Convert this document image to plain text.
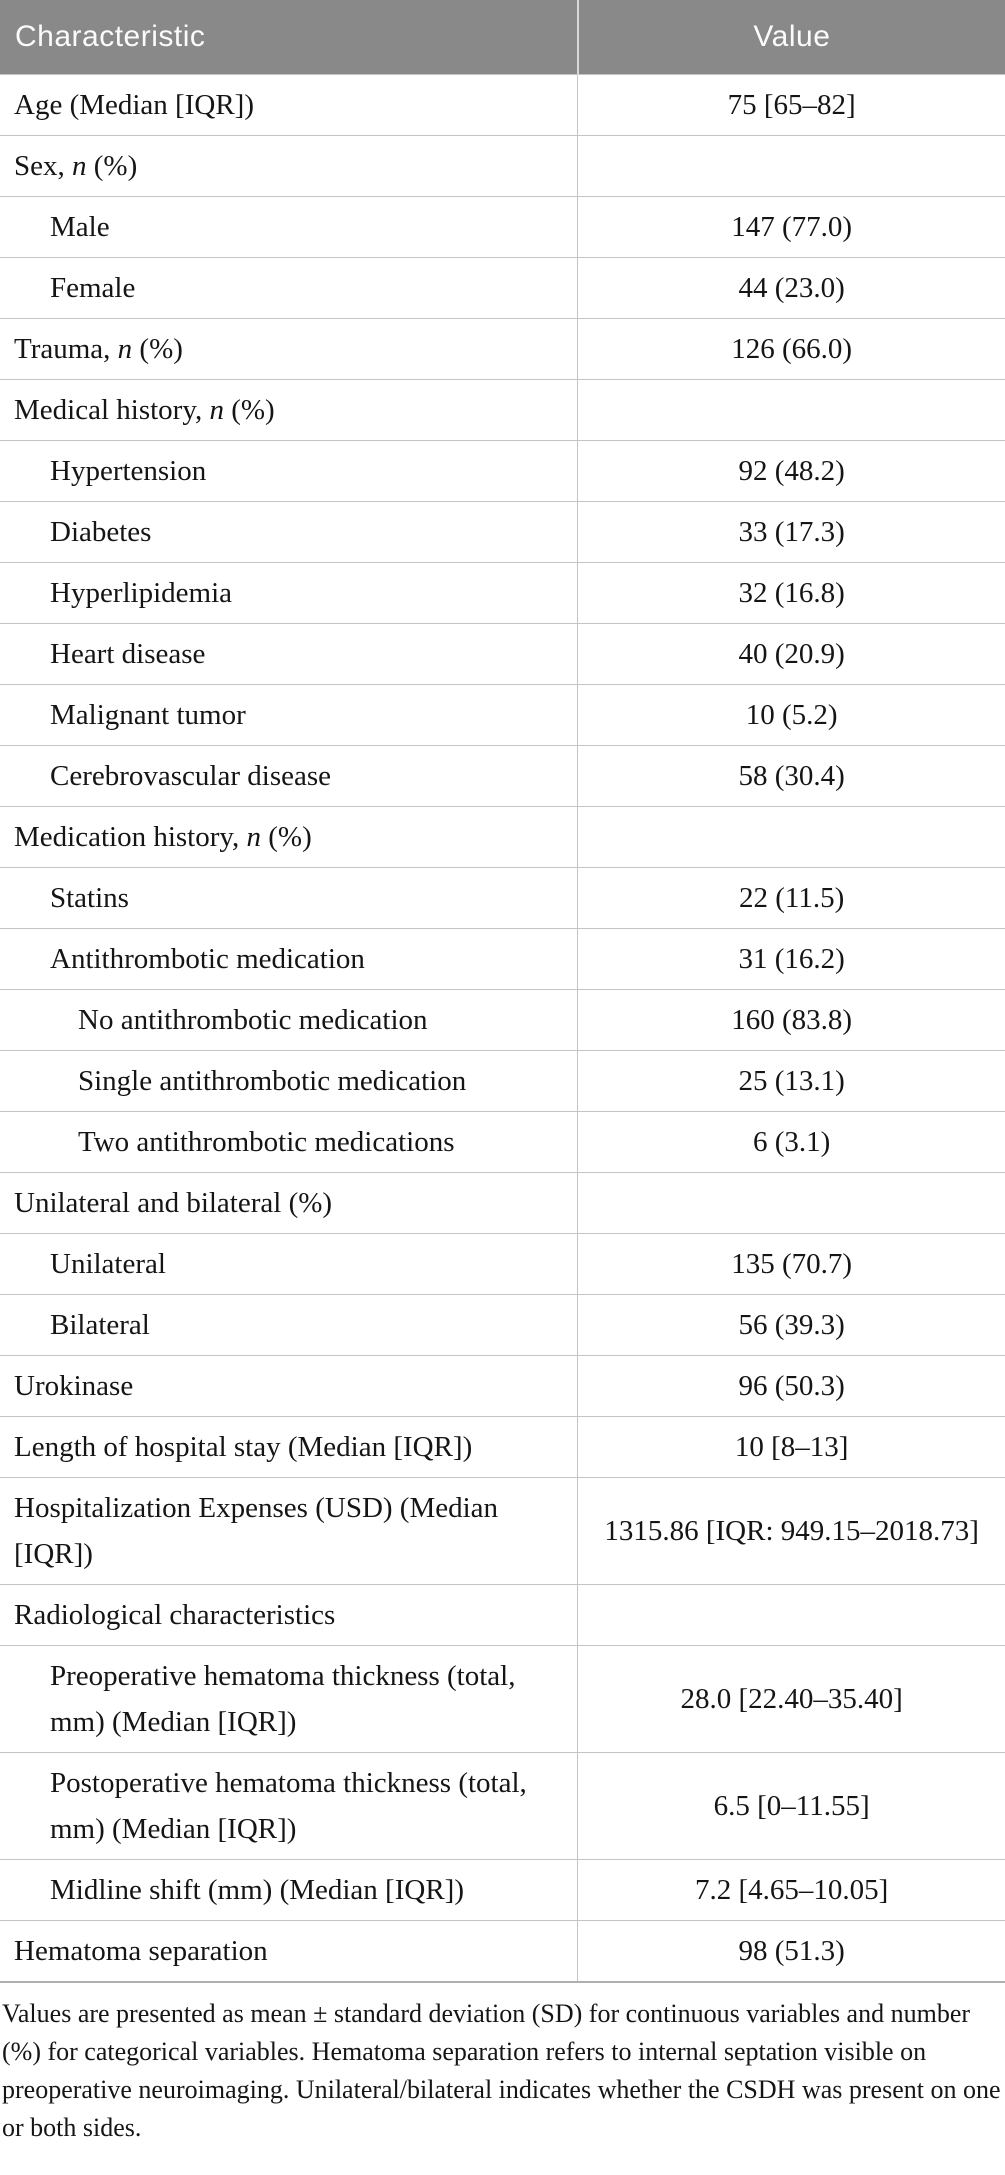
Characteristic	Value
Age (Median [IQR])	75 [65–82]
Sex, n (%)	
Male	147 (77.0)
Female	44 (23.0)
Trauma, n (%)	126 (66.0)
Medical history, n (%)	
Hypertension	92 (48.2)
Diabetes	33 (17.3)
Hyperlipidemia	32 (16.8)
Heart disease	40 (20.9)
Malignant tumor	10 (5.2)
Cerebrovascular disease	58 (30.4)
Medication history, n (%)	
Statins	22 (11.5)
Antithrombotic medication	31 (16.2)
No antithrombotic medication	160 (83.8)
Single antithrombotic medication	25 (13.1)
Two antithrombotic medications	6 (3.1)
Unilateral and bilateral (%)	
Unilateral	135 (70.7)
Bilateral	56 (39.3)
Urokinase	96 (50.3)
Length of hospital stay (Median [IQR])	10 [8–13]
Hospitalization Expenses (USD) (Median [IQR])	1315.86 [IQR: 949.15–2018.73]
Radiological characteristics	
Preoperative hematoma thickness (total, mm) (Median [IQR])	28.0 [22.40–35.40]
Postoperative hematoma thickness (total, mm) (Median [IQR])	6.5 [0–11.55]
Midline shift (mm) (Median [IQR])	7.2 [4.65–10.05]
Hematoma separation	98 (51.3)

Values are presented as mean ± standard deviation (SD) for continuous variables and number (%) for categorical variables. Hematoma separation refers to internal septation visible on preoperative neuroimaging. Unilateral/bilateral indicates whether the CSDH was present on one or both sides.
